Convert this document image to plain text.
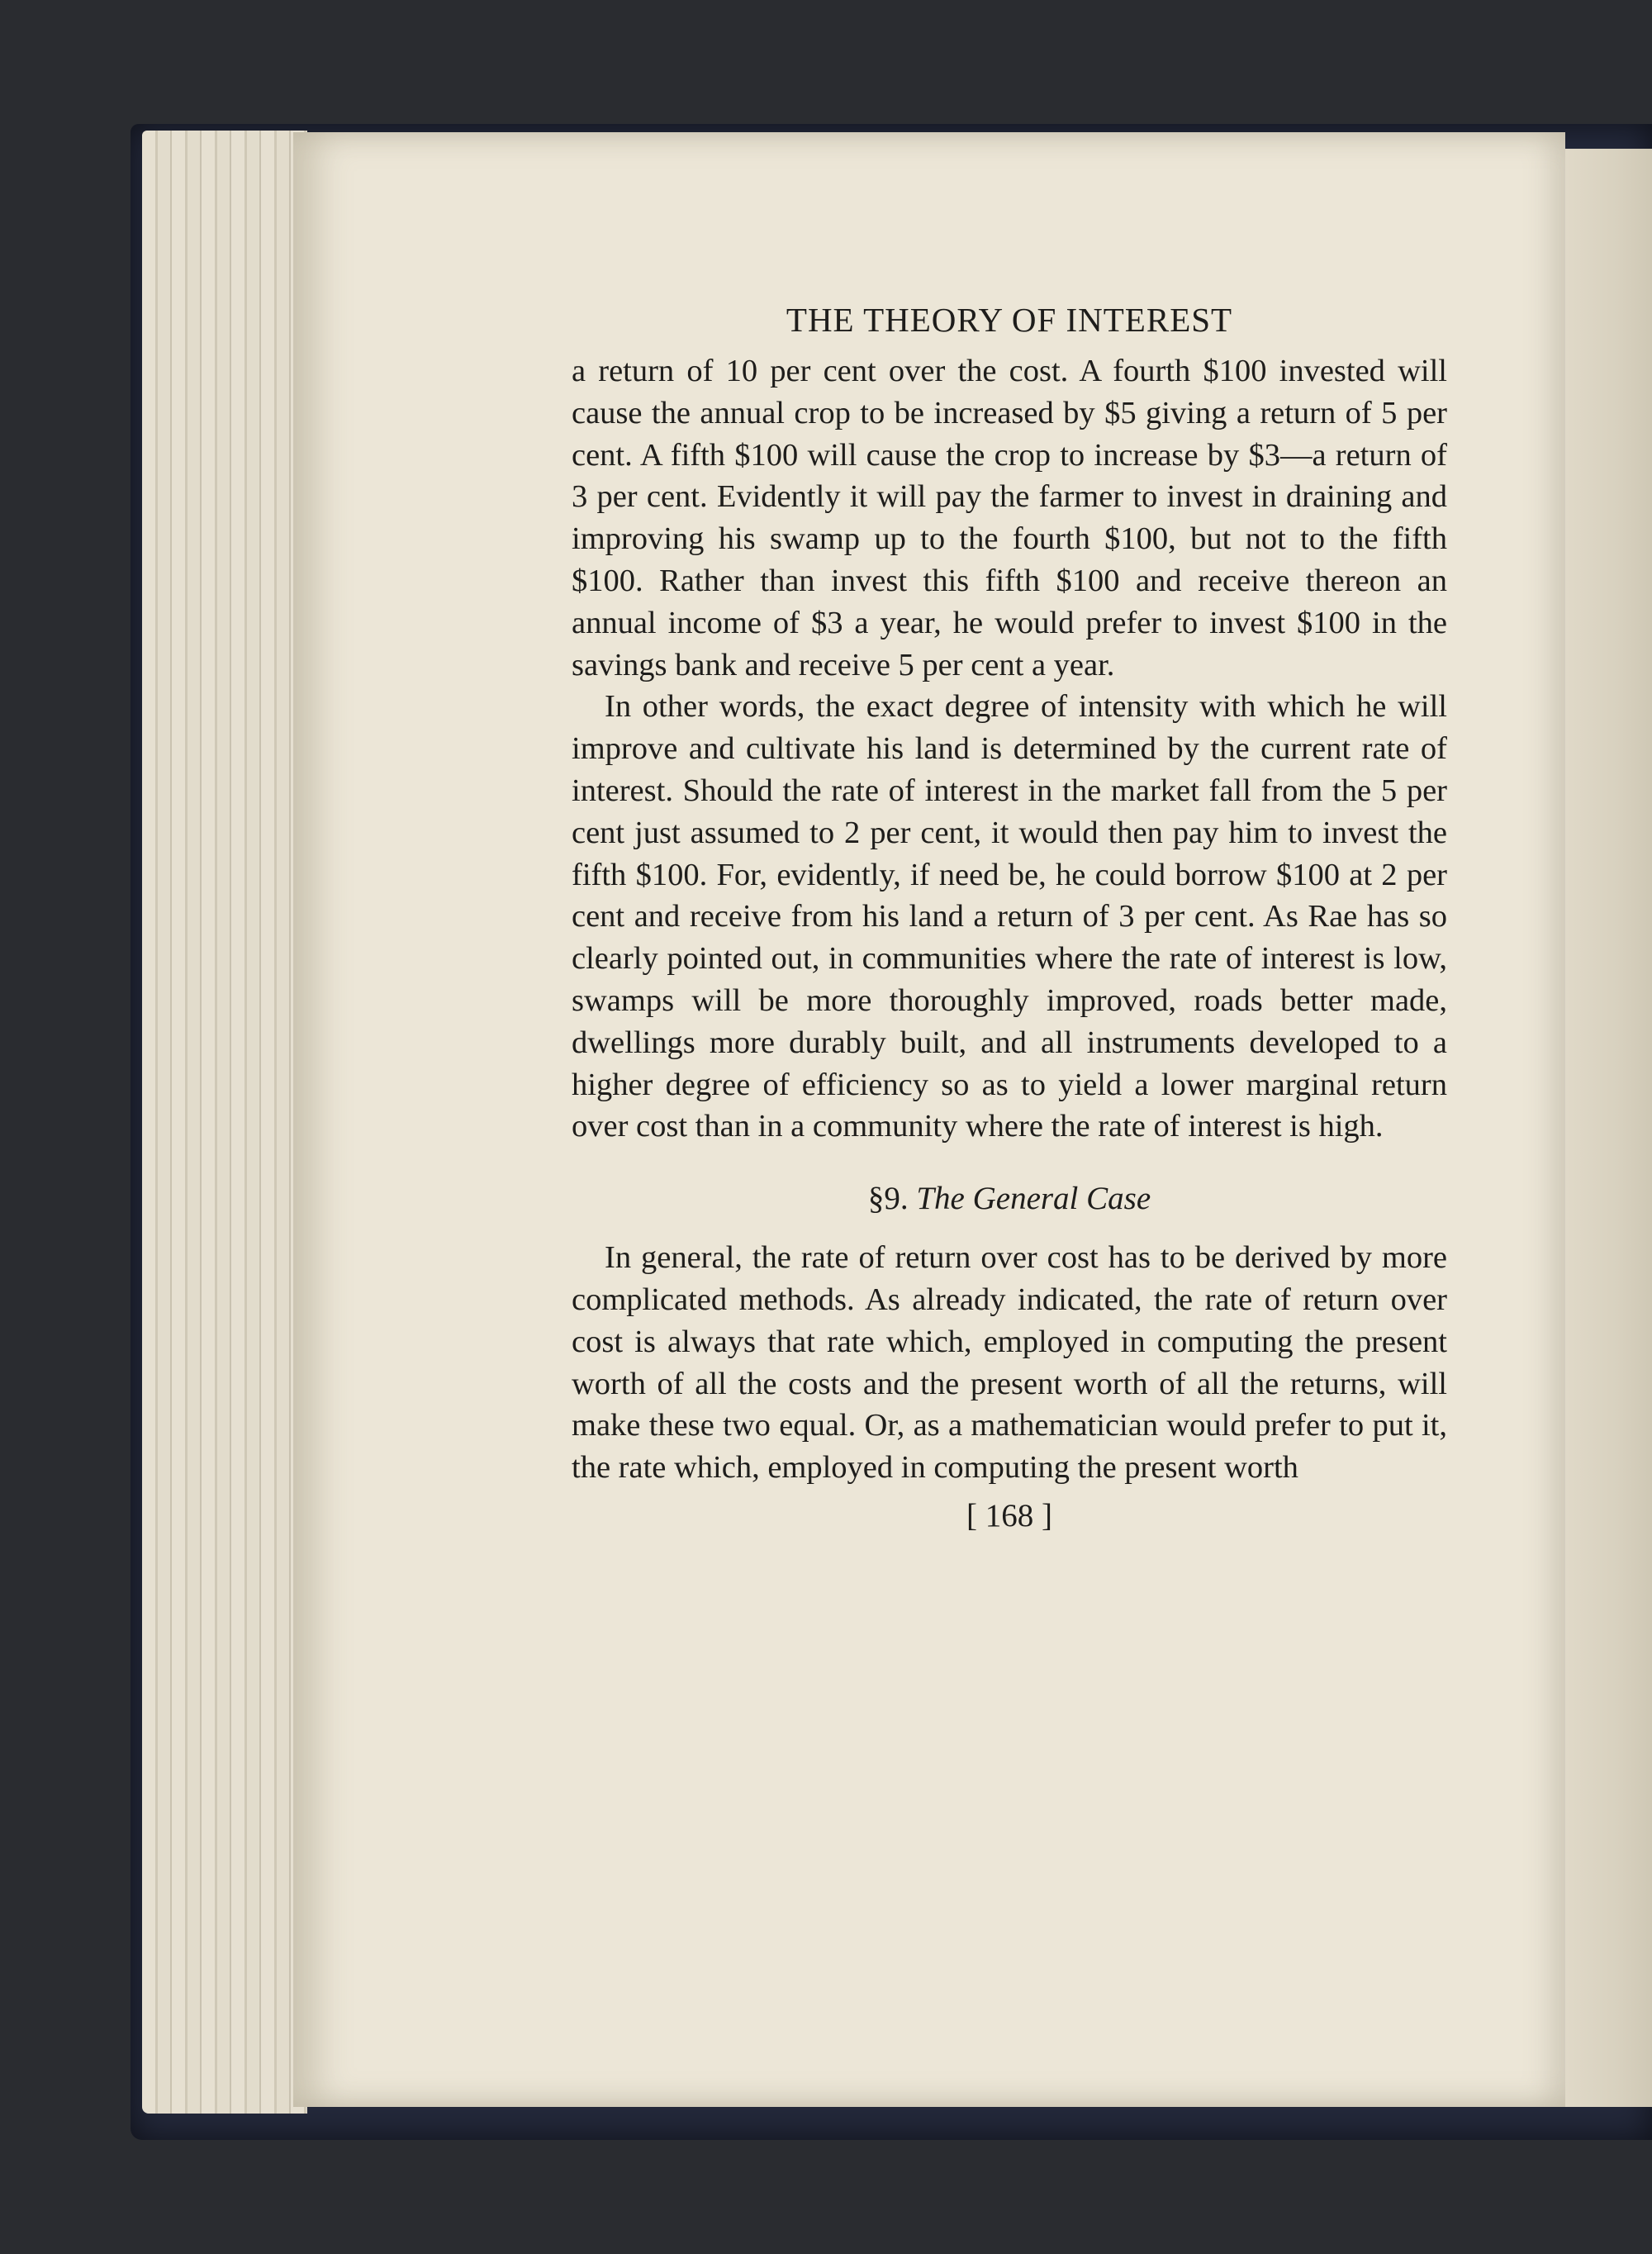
THE THEORY OF INTEREST

a return of 10 per cent over the cost. A fourth $100 invested will cause the annual crop to be increased by $5 giving a return of 5 per cent. A fifth $100 will cause the crop to increase by $3—a return of 3 per cent. Evidently it will pay the farmer to invest in draining and improving his swamp up to the fourth $100, but not to the fifth $100. Rather than invest this fifth $100 and receive thereon an annual income of $3 a year, he would prefer to invest $100 in the savings bank and receive 5 per cent a year.

In other words, the exact degree of intensity with which he will improve and cultivate his land is determined by the current rate of interest. Should the rate of interest in the market fall from the 5 per cent just assumed to 2 per cent, it would then pay him to invest the fifth $100. For, evidently, if need be, he could borrow $100 at 2 per cent and receive from his land a return of 3 per cent. As Rae has so clearly pointed out, in communities where the rate of interest is low, swamps will be more thoroughly improved, roads better made, dwellings more durably built, and all instruments developed to a higher degree of efficiency so as to yield a lower marginal return over cost than in a community where the rate of interest is high.

§9. The General Case

In general, the rate of return over cost has to be derived by more complicated methods. As already indicated, the rate of return over cost is always that rate which, employed in computing the present worth of all the costs and the present worth of all the returns, will make these two equal. Or, as a mathematician would prefer to put it, the rate which, employed in computing the present worth

[ 168 ]
